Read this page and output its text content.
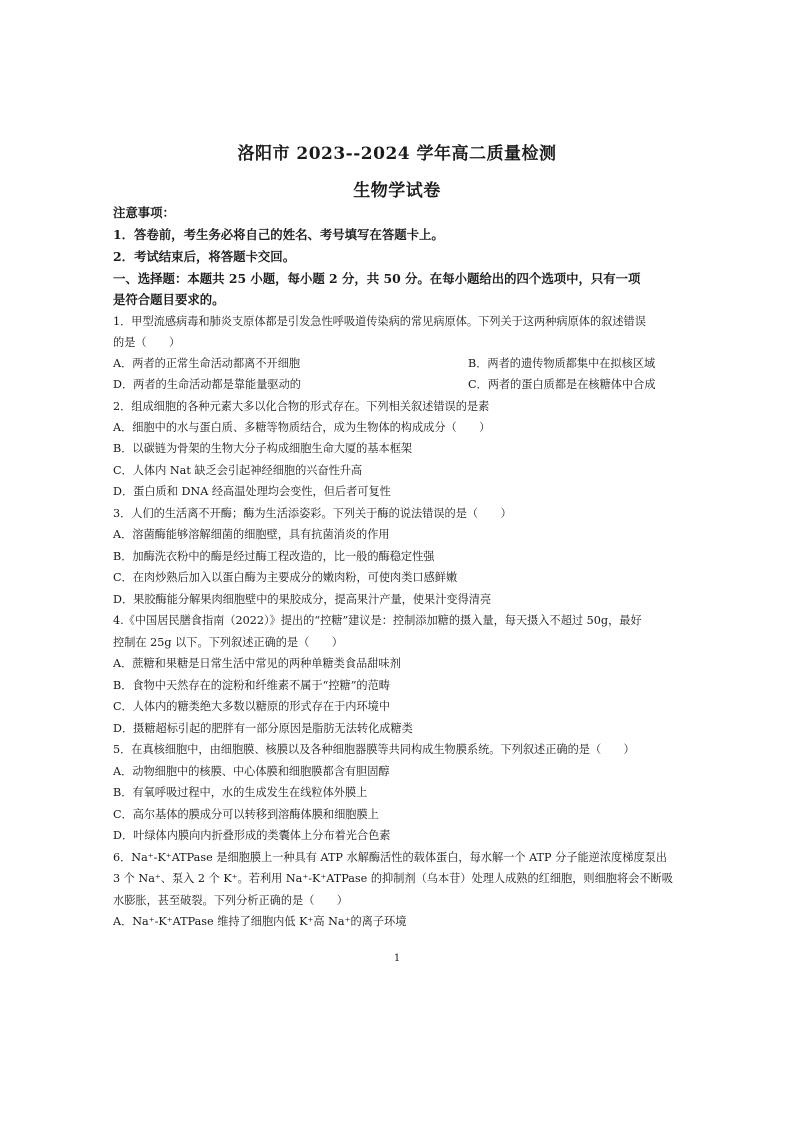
洛阳市 2023--2024 学年高二质量检测
生物学试卷
注意事项：
1．答卷前，考生务必将自己的姓名、考号填写在答题卡上。
2．考试结束后，将答题卡交回。
一、选择题：本题共 25 小题，每小题 2 分，共 50 分。在每小题给出的四个选项中，只有一项
是符合题目要求的。
1．甲型流感病毒和肺炎支原体都是引发急性呼吸道传染病的常见病原体。下列关于这两种病原体的叙述错误
的是（　　）
A．两者的正常生命活动都离不开细胞	B．两者的遗传物质都集中在拟核区域
D．两者的生命活动都是靠能量驱动的	C．两者的蛋白质都是在核糖体中合成
2．组成细胞的各种元素大多以化合物的形式存在。下列相关叙述错误的是素
A．细胞中的水与蛋白质、多糖等物质结合，成为生物体的构成成分（　　）
B．以碳链为骨架的生物大分子构成细胞生命大厦的基本框架
C．人体内 Nat 缺乏会引起神经细胞的兴奋性升高
D．蛋白质和 DNA 经高温处理均会变性，但后者可复性
3．人们的生活离不开酶；酶为生活添姿彩。下列关于酶的说法错误的是（　　）
A．溶菌酶能够溶解细菌的细胞壁，具有抗菌消炎的作用
B．加酶洗衣粉中的酶是经过酶工程改造的，比一般的酶稳定性强
C．在肉炒熟后加入以蛋白酶为主要成分的嫩肉粉，可使肉类口感鲜嫩
D．果胶酶能分解果肉细胞壁中的果胶成分，提高果汁产量，使果汁变得清亮
4.《中国居民膳食指南（2022）》提出的“控糖”建议是：控制添加糖的摄入量，每天摄入不超过 50g，最好
控制在 25g 以下。下列叙述正确的是（　　）
A．蔗糖和果糖是日常生活中常见的两种单糖类食品甜味剂
B．食物中天然存在的淀粉和纤维素不属于“控糖”的范畴
C．人体内的糖类绝大多数以糖原的形式存在于内环境中
D．摄糖超标引起的肥胖有一部分原因是脂肪无法转化成糖类
5．在真核细胞中，由细胞膜、核膜以及各种细胞器膜等共同构成生物膜系统。下列叙述正确的是（　　）
A．动物细胞中的核膜、中心体膜和细胞膜都含有胆固醇
B．有氧呼吸过程中，水的生成发生在线粒体外膜上
C．高尔基体的膜成分可以转移到溶酶体膜和细胞膜上
D．叶绿体内膜向内折叠形成的类囊体上分布着光合色素
6．Na⁺-K⁺ATPase 是细胞膜上一种具有 ATP 水解酶活性的载体蛋白，每水解一个 ATP 分子能逆浓度梯度泵出
3 个 Na⁺、泵入 2 个 K⁺。若利用 Na⁺-K⁺ATPase 的抑制剂（乌本苷）处理人成熟的红细胞，则细胞将会不断吸
水膨胀，甚至破裂。下列分析正确的是（　　）
A．Na⁺-K⁺ATPase 维持了细胞内低 K⁺高 Na⁺的离子环境
1
